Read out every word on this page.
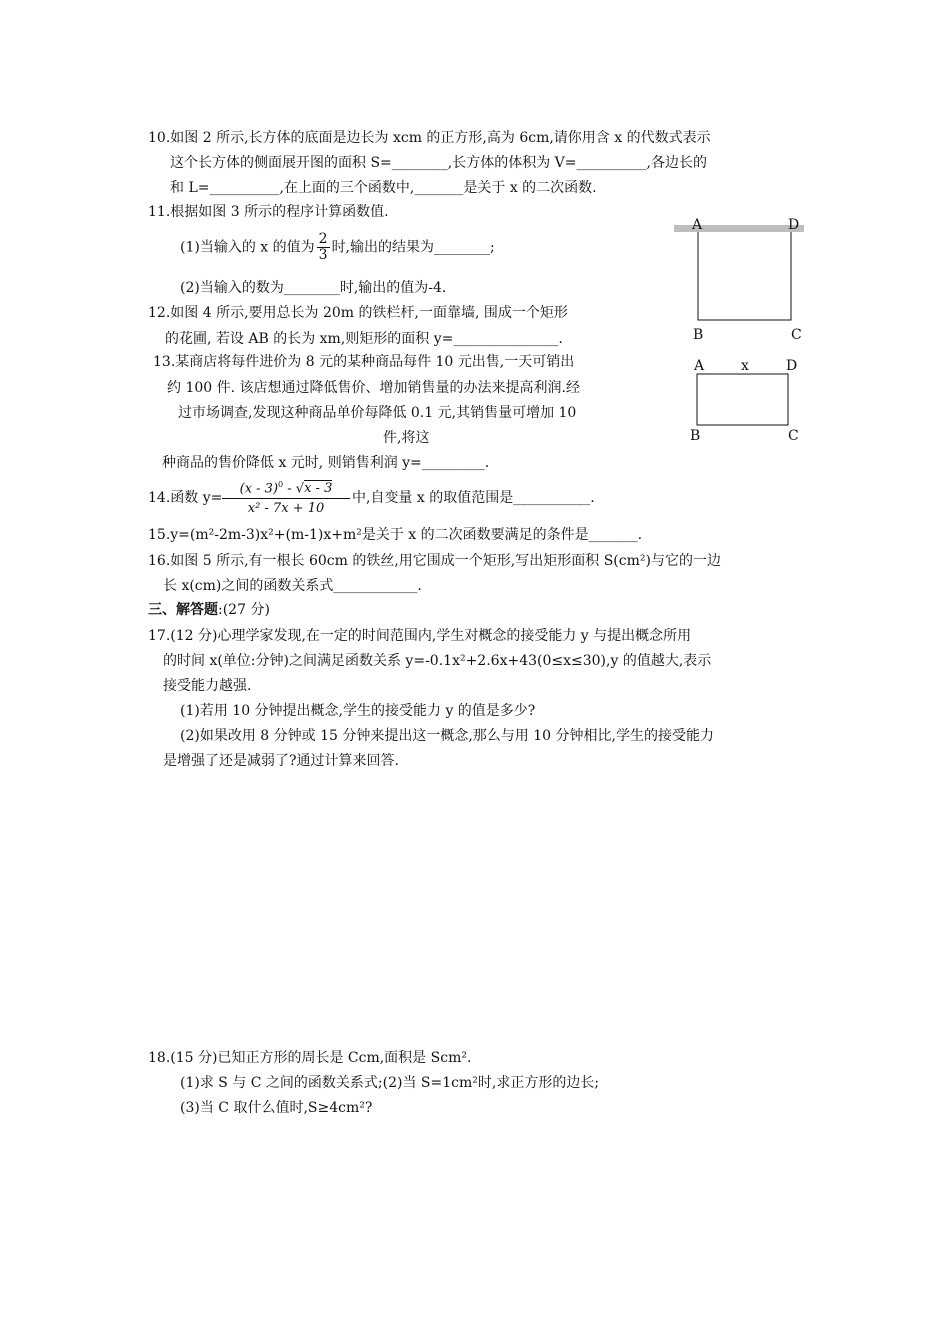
10.如图 2 所示,长方体的底面是边长为 xcm 的正方形,高为 6cm,请你用含 x 的代数式表示
这个长方体的侧面展开图的面积 S=________,长方体的体积为 V=__________,各边长的
和 L=__________,在上面的三个函数中,_______是关于 x 的二次函数.
11.根据如图 3 所示的程序计算函数值.
(1)当输入的 x 的值为 $\frac{2}{3}$ 时,输出的结果为________;
(2)当输入的数为________时,输出的值为-4.
12.如图 4 所示,要用总长为 20m 的铁栏杆,一面靠墙, 围成一个矩形
的花圃, 若设 AB 的长为 xm,则矩形的面积 y=_______________.
13.某商店将每件进价为 8 元的某种商品每件 10 元出售,一天可销出
约 100 件. 该店想通过降低售价、增加销售量的办法来提高利润.经
过市场调查,发现这种商品单价每降低 0.1 元,其销售量可增加 10
件,将这
种商品的售价降低 x 元时, 则销售利润 y=_________.
14.函数 $y= \frac{(x - 3)^0 - √x - 3}{\text{x² - 7x + 10}}$ 中,自变量 x 的取值范围是___________.
15.y=(m²-2m-3)x²+(m-1)x+m²是关于 x 的二次函数要满足的条件是_______.
16.如图 5 所示,有一根长 60cm 的铁丝,用它围成一个矩形,写出矩形面积 S(cm²)与它的一边
长 x(cm)之间的函数关系式____________.
三、解答题:(27 分)
17.(12 分)心理学家发现,在一定的时间范围内,学生对概念的接受能力 y 与提出概念所用
的时间 x(单位:分钟)之间满足函数关系 y=-0.1x²+2.6x+43(0≤x≤30),y 的值越大,表示
接受能力越强.
(1)若用 10 分钟提出概念,学生的接受能力 y 的值是多少?
(2)如果改用 8 分钟或 15 分钟来提出这一概念,那么与用 10 分钟相比,学生的接受能力
是增强了还是减弱了?通过计算来回答.
18.(15 分)已知正方形的周长是 Ccm,面积是 Scm².
(1)求 S 与 C 之间的函数关系式;(2)当 S=1cm²时,求正方形的边长;
(3)当 C 取什么值时,S≥4cm²?
A	D
B	C
A	x	D
B	C
